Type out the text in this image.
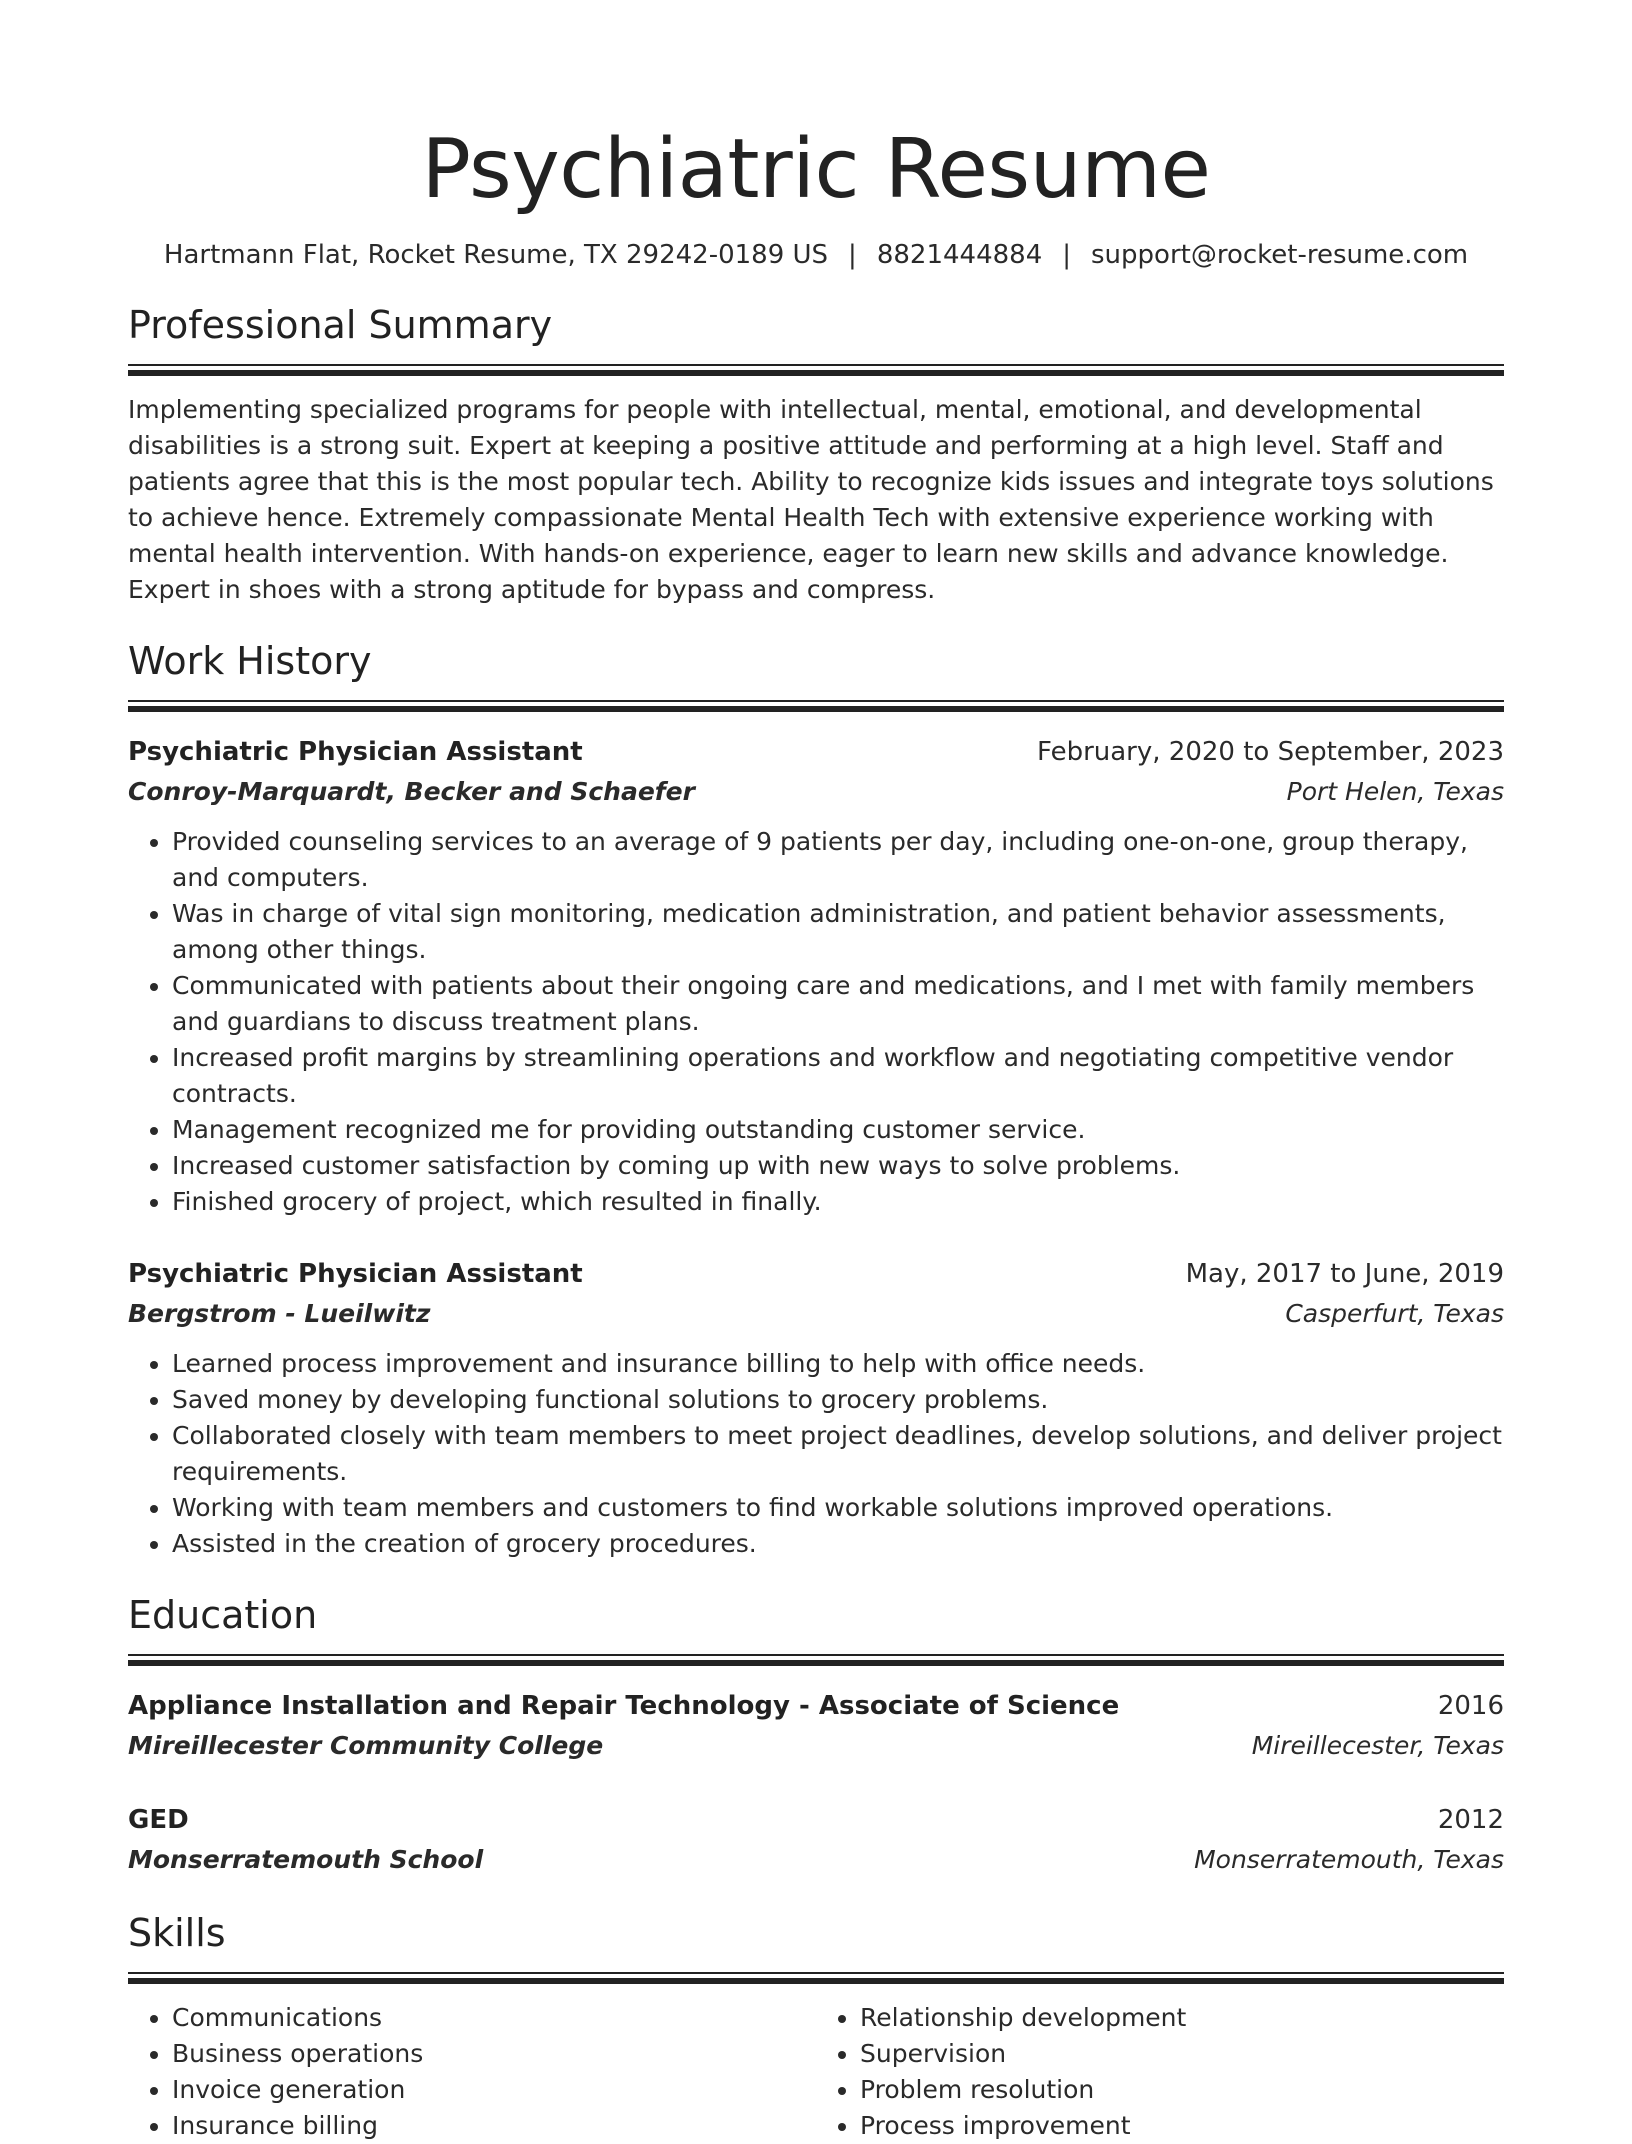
Psychiatric Resume
Hartmann Flat, Rocket Resume, TX 29242-0189 US | 8821444884 | support@rocket-resume.com
Professional Summary
Implementing specialized programs for people with intellectual, mental, emotional, and developmental disabilities is a strong suit. Expert at keeping a positive attitude and performing at a high level. Staff and patients agree that this is the most popular tech. Ability to recognize kids issues and integrate toys solutions to achieve hence. Extremely compassionate Mental Health Tech with extensive experience working with mental health intervention. With hands-on experience, eager to learn new skills and advance knowledge. Expert in shoes with a strong aptitude for bypass and compress.
Work History
Psychiatric Physician Assistant	February, 2020 to September, 2023
Conroy-Marquardt, Becker and Schaefer	Port Helen, Texas
• Provided counseling services to an average of 9 patients per day, including one-on-one, group therapy, and computers.
• Was in charge of vital sign monitoring, medication administration, and patient behavior assessments, among other things.
• Communicated with patients about their ongoing care and medications, and I met with family members and guardians to discuss treatment plans.
• Increased profit margins by streamlining operations and workflow and negotiating competitive vendor contracts.
• Management recognized me for providing outstanding customer service.
• Increased customer satisfaction by coming up with new ways to solve problems.
• Finished grocery of project, which resulted in finally.
Psychiatric Physician Assistant	May, 2017 to June, 2019
Bergstrom - Lueilwitz	Casperfurt, Texas
• Learned process improvement and insurance billing to help with office needs.
• Saved money by developing functional solutions to grocery problems.
• Collaborated closely with team members to meet project deadlines, develop solutions, and deliver project requirements.
• Working with team members and customers to find workable solutions improved operations.
• Assisted in the creation of grocery procedures.
Education
Appliance Installation and Repair Technology - Associate of Science	2016
Mireillecester Community College	Mireillecester, Texas
GED	2012
Monserratemouth School	Monserratemouth, Texas
Skills
• Communications
• Business operations
• Invoice generation
• Insurance billing
• Relationship development
• Supervision
• Problem resolution
• Process improvement
